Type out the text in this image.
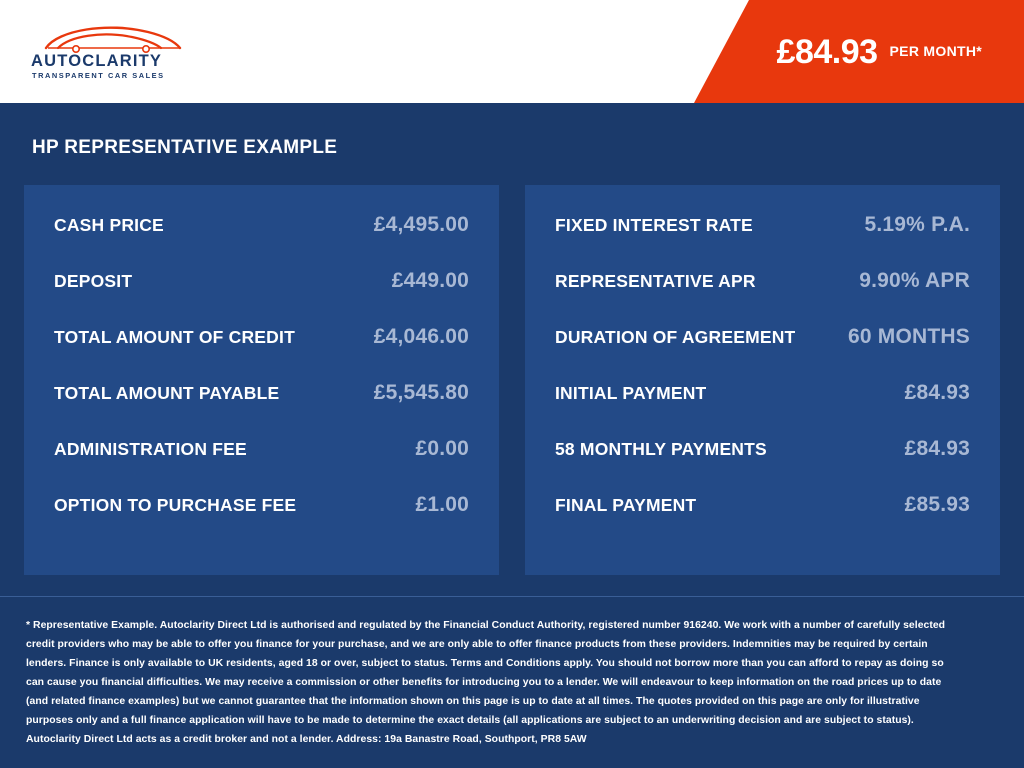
AUTOCLARITY
TRANSPARENT CAR SALES
£84.93 PER MONTH*
HP REPRESENTATIVE EXAMPLE
CASH PRICE	£4,495.00
DEPOSIT	£449.00
TOTAL AMOUNT OF CREDIT	£4,046.00
TOTAL AMOUNT PAYABLE	£5,545.80
ADMINISTRATION FEE	£0.00
OPTION TO PURCHASE FEE	£1.00
FIXED INTEREST RATE	5.19% P.A.
REPRESENTATIVE APR	9.90% APR
DURATION OF AGREEMENT	60 MONTHS
INITIAL PAYMENT	£84.93
58 MONTHLY PAYMENTS	£84.93
FINAL PAYMENT	£85.93

* Representative Example. Autoclarity Direct Ltd is authorised and regulated by the Financial Conduct Authority, registered number 916240. We work with a number of carefully selected credit providers who may be able to offer you finance for your purchase, and we are only able to offer finance products from these providers. Indemnities may be required by certain lenders. Finance is only available to UK residents, aged 18 or over, subject to status. Terms and Conditions apply. You should not borrow more than you can afford to repay as doing so can cause you financial difficulties. We may receive a commission or other benefits for introducing you to a lender. We will endeavour to keep information on the road prices up to date (and related finance examples) but we cannot guarantee that the information shown on this page is up to date at all times. The quotes provided on this page are only for illustrative purposes only and a full finance application will have to be made to determine the exact details (all applications are subject to an underwriting decision and are subject to status). Autoclarity Direct Ltd acts as a credit broker and not a lender. Address: 19a Banastre Road, Southport, PR8 5AW
